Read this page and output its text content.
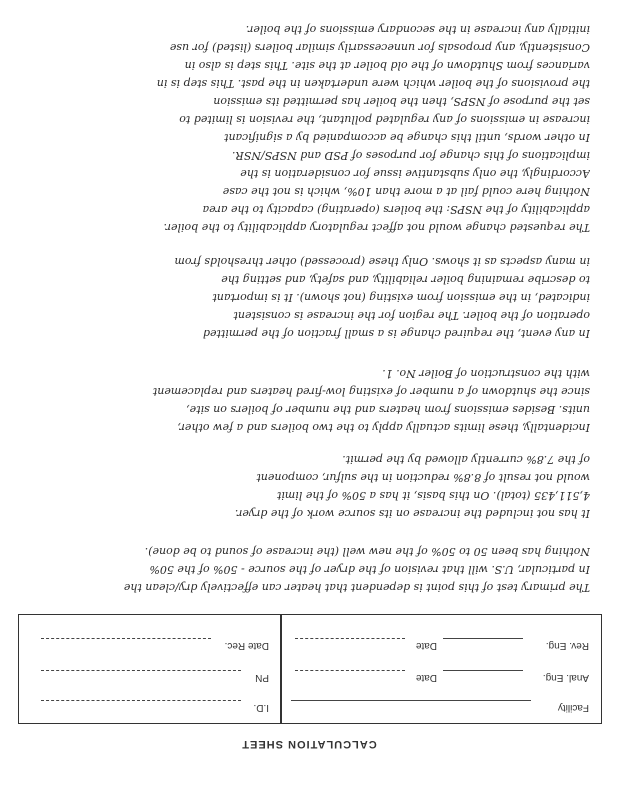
CALCULATION SHEET
Facility
Anal. Eng.
Date
Rev. Eng.
Date
I.D.
PN
Date Rec.
The primary test of this point is dependent that heater can effectively dry/clean the
In particular, U.S. will that revision of the dryer of the source - 50% of the 50%
Nothing has been 50 to 50% of the new well (the increase of sound to be done).
It has not included the increase on its source work of the dryer.
4,511,435 (total). On this basis, it has a 50% of the limit
would not result of 8.8% reduction in the sulfur, component
of the 7.8% currently allowed by the permit.
Incidentally, these limits actually apply to the two boilers and a few other,
units. Besides emissions from heaters and the number of boilers on site,
since the shutdown of a number of existing low-fired heaters and replacement
with the construction of Boiler No. 1.
In any event, the required change is a small fraction of the permitted
operation of the boiler. The region for the increase is consistent
indicated, in the emission from existing (not shown). It is important
to describe remaining boiler reliability, and safety, and setting the
in many aspects as it shows. Only these (processed) other thresholds from
The requested change would not affect regulatory applicability to the boiler.
applicability of the NSPS: the boilers (operating) capacity to the area
Nothing here could fail at a more than 10%, which is not the case
Accordingly, the only substantive issue for consideration is the
implications of this change for purposes of PSD and NSPS/NSR.
In other words, until this change be accompanied by a significant
increase in emissions of any regulated pollutant, the revision is limited to
set the purpose of NSPS, then the boiler has permitted its emission
the provisions of the boiler which were undertaken in the past. This step is in
variances from Shutdown of the old boiler at the site. This step is also in
Consistently, any proposals for unnecessarily similar boilers (listed) for use
initially any increase in the secondary emissions of the boiler.
